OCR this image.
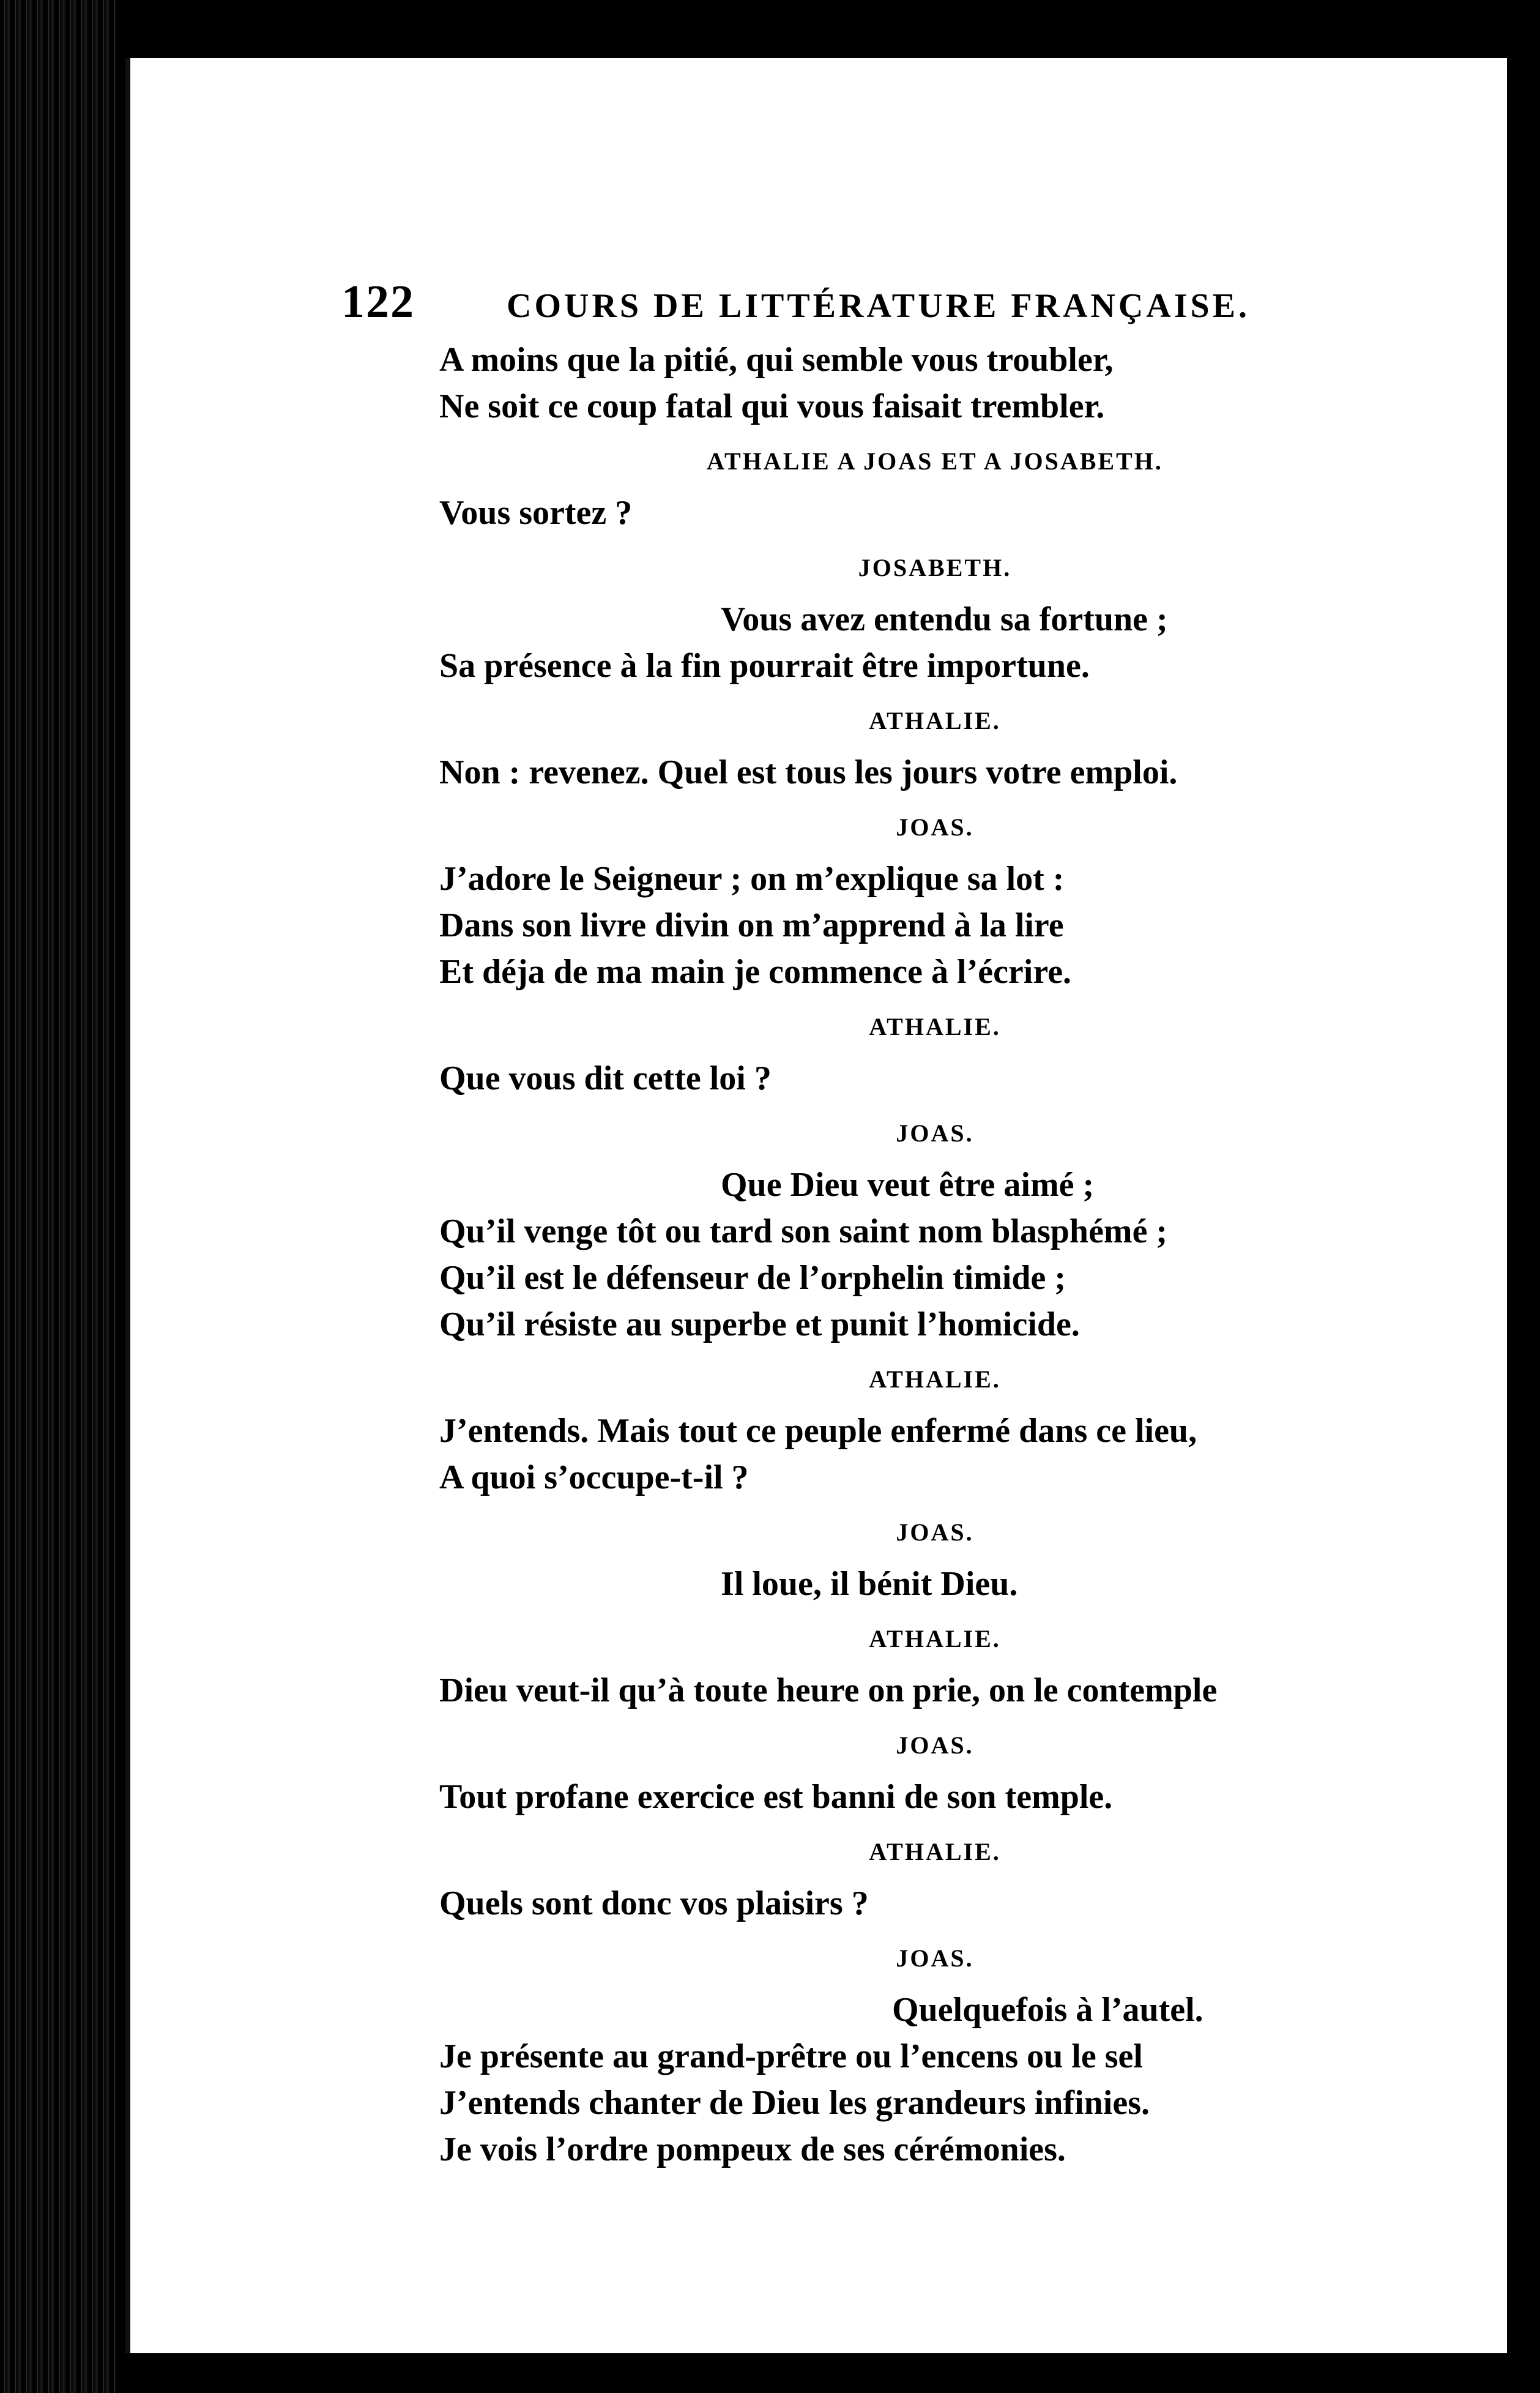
122	COURS DE LITTÉRATURE FRANÇAISE.
A moins que la pitié, qui semble vous troubler,
Ne soit ce coup fatal qui vous faisait trembler.
ATHALIE A JOAS ET A JOSABETH.
Vous sortez ?
JOSABETH.
Vous avez entendu sa fortune ;
Sa présence à la fin pourrait être importune.
ATHALIE.
Non : revenez. Quel est tous les jours votre emploi.
JOAS.
J’adore le Seigneur ; on m’explique sa lot :
Dans son livre divin on m’apprend à la lire
Et déja de ma main je commence à l’écrire.
ATHALIE.
Que vous dit cette loi ?
JOAS.
Que Dieu veut être aimé ;
Qu’il venge tôt ou tard son saint nom blasphémé ;
Qu’il est le défenseur de l’orphelin timide ;
Qu’il résiste au superbe et punit l’homicide.
ATHALIE.
J’entends. Mais tout ce peuple enfermé dans ce lieu,
A quoi s’occupe-t-il ?
JOAS.
Il loue, il bénit Dieu.
ATHALIE.
Dieu veut-il qu’à toute heure on prie, on le contemple
JOAS.
Tout profane exercice est banni de son temple.
ATHALIE.
Quels sont donc vos plaisirs ?
JOAS.
Quelquefois à l’autel.
Je présente au grand-prêtre ou l’encens ou le sel
J’entends chanter de Dieu les grandeurs infinies.
Je vois l’ordre pompeux de ses cérémonies.
